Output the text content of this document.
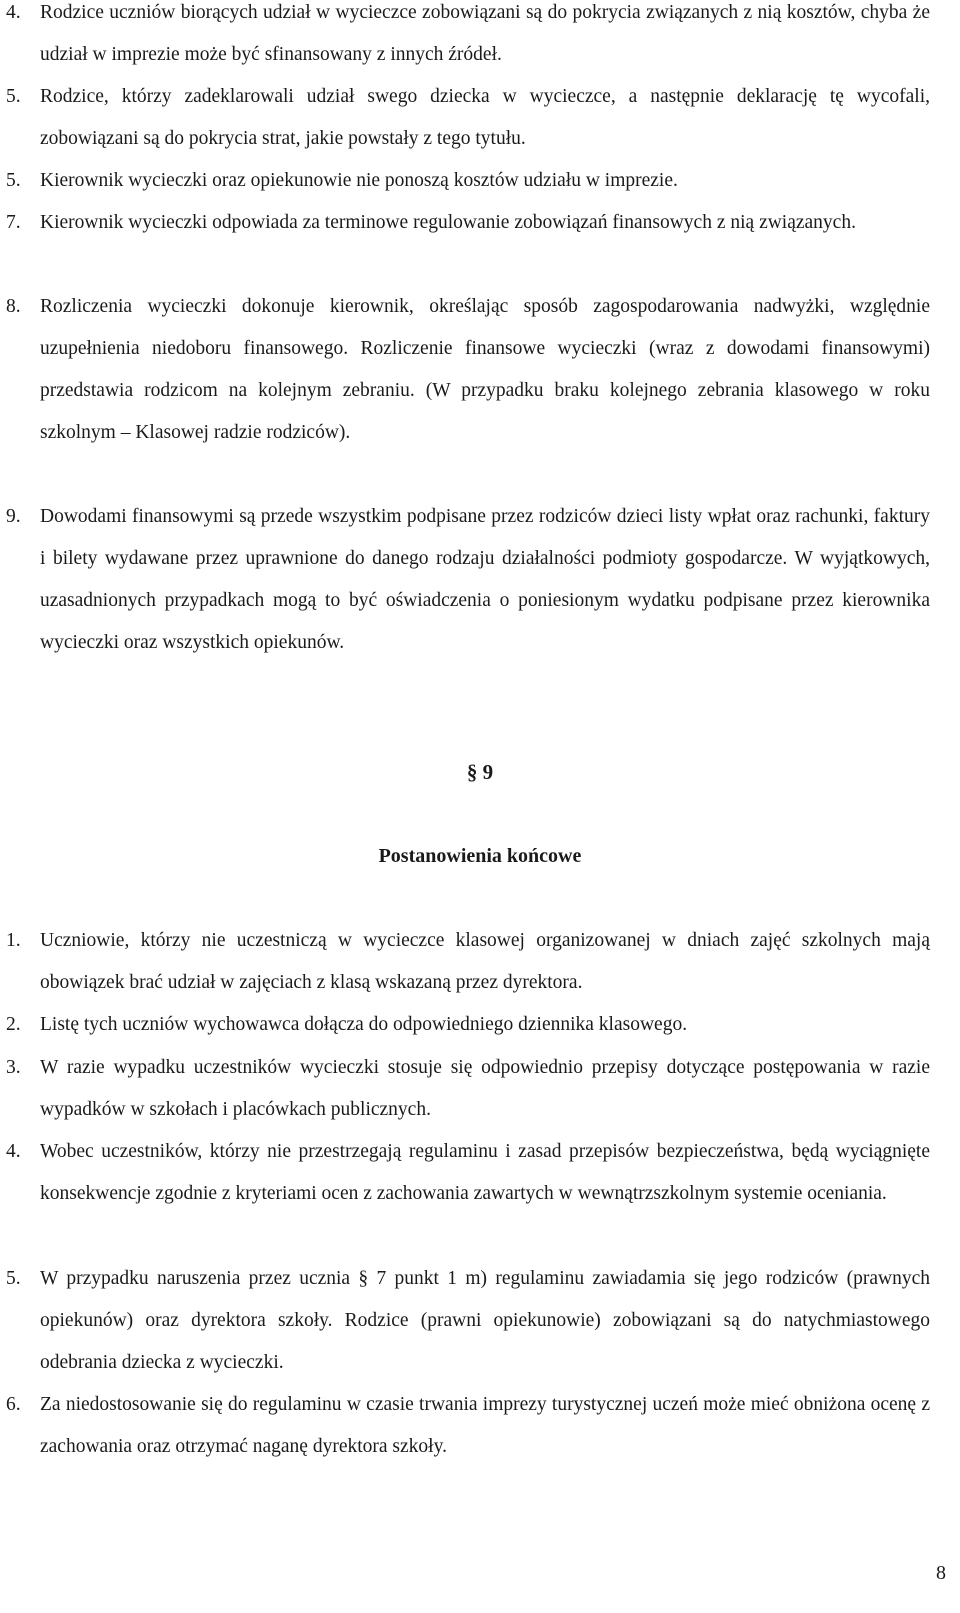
4. Rodzice uczniów biorących udział w wycieczce zobowiązani są do pokrycia związanych z nią kosztów, chyba że udział w imprezie może być sfinansowany z innych źródeł.
5. Rodzice, którzy zadeklarowali udział swego dziecka w wycieczce, a następnie deklarację tę wycofali, zobowiązani są do pokrycia strat, jakie powstały z tego tytułu.
5. Kierownik wycieczki oraz opiekunowie nie ponoszą kosztów udziału w imprezie.
7. Kierownik wycieczki odpowiada za terminowe regulowanie zobowiązań finansowych z nią związanych.
8. Rozliczenia wycieczki dokonuje kierownik, określając sposób zagospodarowania nadwyżki, względnie uzupełnienia niedoboru finansowego. Rozliczenie finansowe wycieczki (wraz z dowodami finansowymi) przedstawia rodzicom na kolejnym zebraniu. (W przypadku braku kolejnego zebrania klasowego w roku szkolnym – Klasowej radzie rodziców).
9. Dowodami finansowymi są przede wszystkim podpisane przez rodziców dzieci listy wpłat oraz rachunki, faktury i bilety wydawane przez uprawnione do danego rodzaju działalności podmioty gospodarcze. W wyjątkowych, uzasadnionych przypadkach mogą to być oświadczenia o poniesionym wydatku podpisane przez kierownika wycieczki oraz wszystkich opiekunów.
§ 9
Postanowienia końcowe
1. Uczniowie, którzy nie uczestniczą w wycieczce klasowej organizowanej w dniach zajęć szkolnych mają obowiązek brać udział w zajęciach z klasą wskazaną przez dyrektora.
2. Listę tych uczniów wychowawca dołącza do odpowiedniego dziennika klasowego.
3. W razie wypadku uczestników wycieczki stosuje się odpowiednio przepisy dotyczące postępowania w razie wypadków w szkołach i placówkach publicznych.
4. Wobec uczestników, którzy nie przestrzegają regulaminu i zasad przepisów bezpieczeństwa, będą wyciągnięte konsekwencje zgodnie z kryteriami ocen z zachowania zawartych w wewnątrzszkolnym systemie oceniania.
5. W przypadku naruszenia przez ucznia § 7 punkt 1 m) regulaminu zawiadamia się jego rodziców (prawnych opiekunów) oraz dyrektora szkoły. Rodzice (prawni opiekunowie) zobowiązani są do natychmiastowego odebrania dziecka z wycieczki.
6. Za niedostosowanie się do regulaminu w czasie trwania imprezy turystycznej uczeń może mieć obniżona ocenę z zachowania oraz otrzymać naganę dyrektora szkoły.
8
